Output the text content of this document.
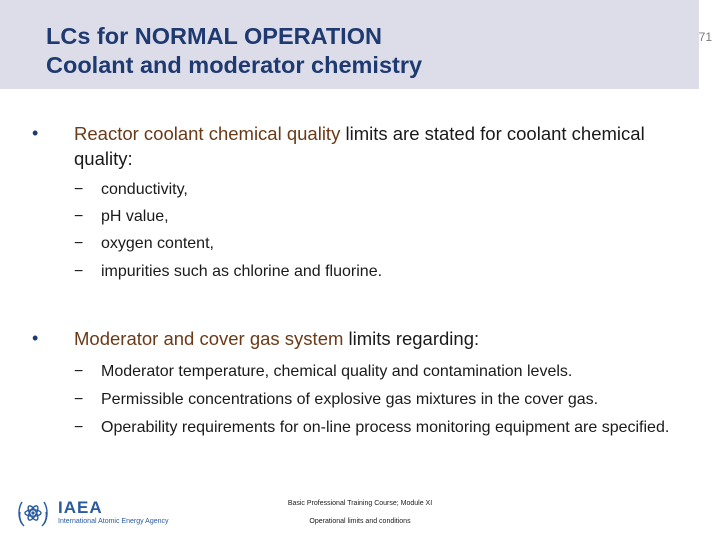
LCs for NORMAL OPERATION
Coolant and moderator chemistry
71
• Reactor coolant chemical quality limits are stated for coolant chemical quality:
− conductivity,
− pH value,
− oxygen content,
− impurities such as chlorine and fluorine.
• Moderator and cover gas system limits regarding:
− Moderator temperature, chemical quality and contamination levels.
− Permissible concentrations of explosive gas mixtures in the cover gas.
− Operability requirements for on-line process monitoring equipment are specified.
IAEA
International Atomic Energy Agency
Basic Professional Training Course; Module XI
Operational limits and conditions
